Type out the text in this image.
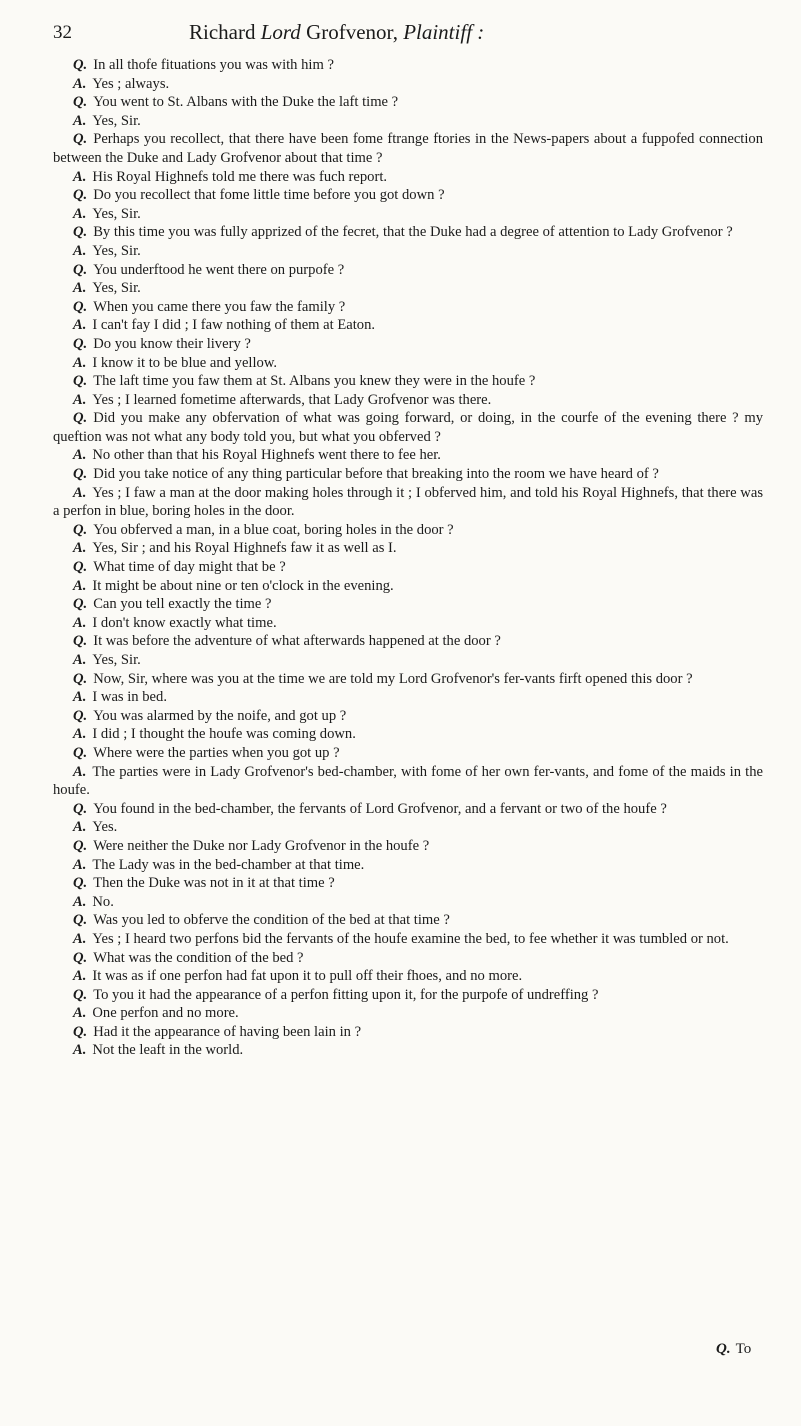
32	Richard Lord Grofvenor, Plaintiff :

Q. In all thofe fituations you was with him ?

A. Yes ; always.

Q. You went to St. Albans with the Duke the laft time ?

A. Yes, Sir.

Q. Perhaps you recollect, that there have been fome ftrange ftories in the News-papers about a fuppofed connection between the Duke and Lady Grofvenor about that time ?

A. His Royal Highnefs told me there was fuch report.

Q. Do you recollect that fome little time before you got down ?

A. Yes, Sir.

Q. By this time you was fully apprized of the fecret, that the Duke had a degree of attention to Lady Grofvenor ?

A. Yes, Sir.

Q. You underftood he went there on purpofe ?

A. Yes, Sir.

Q. When you came there you faw the family ?

A. I can't fay I did ; I faw nothing of them at Eaton.

Q. Do you know their livery ?

A. I know it to be blue and yellow.

Q. The laft time you faw them at St. Albans you knew they were in the houfe ?

A. Yes ; I learned fometime afterwards, that Lady Grofvenor was there.

Q. Did you make any obfervation of what was going forward, or doing, in the courfe of the evening there ? my queftion was not what any body told you, but what you obferved ?

A. No other than that his Royal Highnefs went there to fee her.

Q. Did you take notice of any thing particular before that breaking into the room we have heard of ?

A. Yes ; I faw a man at the door making holes through it ; I obferved him, and told his Royal Highnefs, that there was a perfon in blue, boring holes in the door.

Q. You obferved a man, in a blue coat, boring holes in the door ?

A. Yes, Sir ; and his Royal Highnefs faw it as well as I.

Q. What time of day might that be ?

A. It might be about nine or ten o'clock in the evening.

Q. Can you tell exactly the time ?

A. I don't know exactly what time.

Q. It was before the adventure of what afterwards happened at the door ?

A. Yes, Sir.

Q. Now, Sir, where was you at the time we are told my Lord Grofvenor's fer-vants firft opened this door ?

A. I was in bed.

Q. You was alarmed by the noife, and got up ?

A. I did ; I thought the houfe was coming down.

Q. Where were the parties when you got up ?

A. The parties were in Lady Grofvenor's bed-chamber, with fome of her own fer-vants, and fome of the maids in the houfe.

Q. You found in the bed-chamber, the fervants of Lord Grofvenor, and a fervant or two of the houfe ?

A. Yes.

Q. Were neither the Duke nor Lady Grofvenor in the houfe ?

A. The Lady was in the bed-chamber at that time.

Q. Then the Duke was not in it at that time ?

A. No.

Q. Was you led to obferve the condition of the bed at that time ?

A. Yes ; I heard two perfons bid the fervants of the houfe examine the bed, to fee whether it was tumbled or not.

Q. What was the condition of the bed ?

A. It was as if one perfon had fat upon it to pull off their fhoes, and no more.

Q. To you it had the appearance of a perfon fitting upon it, for the purpofe of undreffing ?

A. One perfon and no more.

Q. Had it the appearance of having been lain in ?

A. Not the leaft in the world.

Q. To
